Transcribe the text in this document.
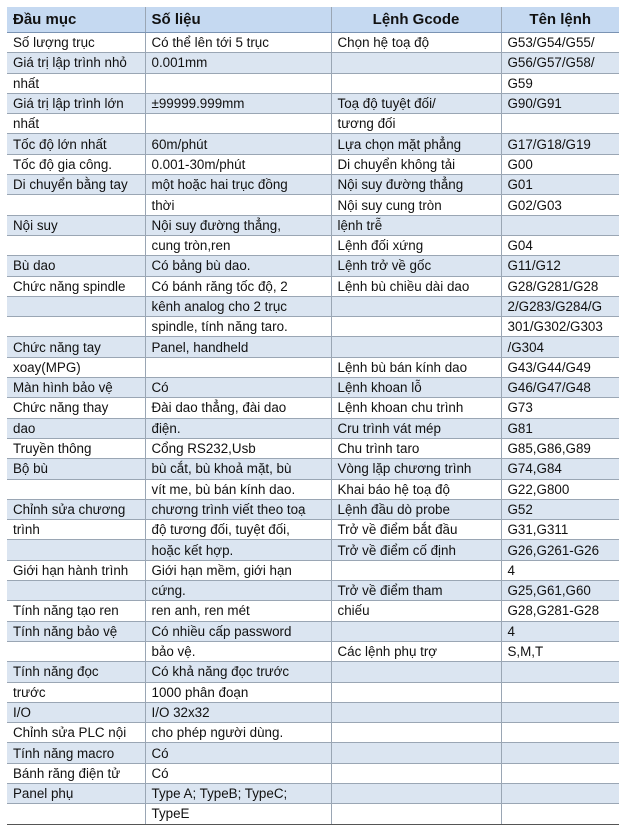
Đầu mục	Số liệu	Lệnh Gcode	Tên lệnh
Số lượng trục	Có thể lên tới 5 trục	Chọn hệ toạ độ	G53/G54/G55/
Giá trị lập trình nhỏ	0.001mm		G56/G57/G58/
nhất			G59
Giá trị lập trình lớn	±99999.999mm	Toạ độ tuyệt đối/	G90/G91
nhất		tương đối	
Tốc độ lớn nhất	60m/phút	Lựa chọn mặt phẳng	G17/G18/G19
Tốc độ gia công.	0.001-30m/phút	Di chuyển không tải	G00
Di chuyển bằng tay	một hoặc hai trục đồng	Nội suy đường thẳng	G01
	thời	Nội suy cung tròn	G02/G03
Nội suy	Nội suy đường thẳng,	lệnh trễ	
	cung tròn,ren	Lệnh đối xứng	G04
Bù dao	Có bảng bù dao.	Lệnh trở về gốc	G11/G12
Chức năng spindle	Có bánh răng tốc độ, 2	Lệnh bù chiều dài dao	G28/G281/G28
	kênh analog cho 2 trục		2/G283/G284/G
	spindle, tính năng taro.		301/G302/G303
Chức năng tay	Panel, handheld		/G304
xoay(MPG)		Lệnh bù bán kính dao	G43/G44/G49
Màn hình bảo vệ	Có	Lệnh khoan lỗ	G46/G47/G48
Chức năng thay	Đài dao thẳng, đài dao	Lệnh khoan chu trình	G73
dao	điện.	Cru trình vát mép	G81
Truyền thông	Cổng RS232,Usb	Chu trình taro	G85,G86,G89
Bộ bù	bù cắt, bù khoả mặt, bù	Vòng lặp chương trình	G74,G84
	vít me, bù bán kính dao.	Khai báo hệ toạ độ	G22,G800
Chỉnh sửa chương	chương trình viết theo toạ	Lệnh đầu dò probe	G52
trình	độ tương đối, tuyệt đối,	Trở về điểm bắt đầu	G31,G311
	hoặc kết hợp.	Trở về điểm cố định	G26,G261-G26
Giới hạn hành trình	Giới hạn mềm, giới hạn		4
	cứng.	Trở về điểm tham	G25,G61,G60
Tính năng tạo ren	ren anh, ren mét	chiếu	G28,G281-G28
Tính năng bảo vệ	Có nhiều cấp password		4
	bảo vệ.	Các lệnh phụ trợ	S,M,T
Tính năng đọc	Có khả năng đọc trước		
trước	1000 phân đoạn		
I/O	I/O 32x32		
Chỉnh sửa PLC nội	cho phép người dùng.		
Tính năng macro	Có		
Bánh răng điện tử	Có		
Panel phụ	Type A; TypeB; TypeC;		
	TypeE		
